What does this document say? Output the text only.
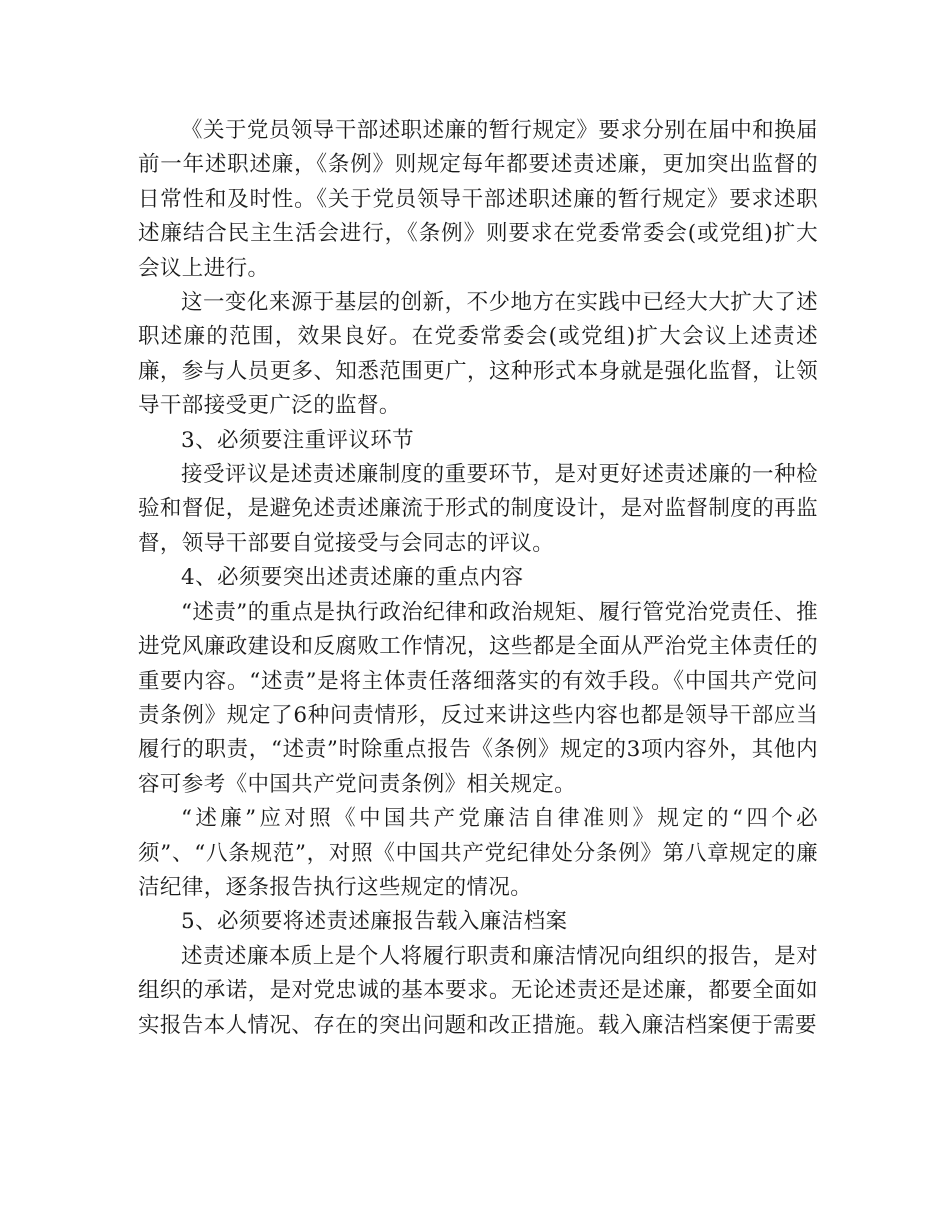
《关于党员领导干部述职述廉的暂行规定》要求分别在届中和换届前一年述职述廉，《条例》则规定每年都要述责述廉，更加突出监督的日常性和及时性。《关于党员领导干部述职述廉的暂行规定》要求述职述廉结合民主生活会进行，《条例》则要求在党委常委会(或党组)扩大会议上进行。

这一变化来源于基层的创新，不少地方在实践中已经大大扩大了述职述廉的范围，效果良好。在党委常委会(或党组)扩大会议上述责述廉，参与人员更多、知悉范围更广，这种形式本身就是强化监督，让领导干部接受更广泛的监督。

3、必须要注重评议环节

接受评议是述责述廉制度的重要环节，是对更好述责述廉的一种检验和督促，是避免述责述廉流于形式的制度设计，是对监督制度的再监督，领导干部要自觉接受与会同志的评议。

4、必须要突出述责述廉的重点内容

“述责”的重点是执行政治纪律和政治规矩、履行管党治党责任、推进党风廉政建设和反腐败工作情况，这些都是全面从严治党主体责任的重要内容。“述责”是将主体责任落细落实的有效手段。《中国共产党问责条例》规定了6种问责情形，反过来讲这些内容也都是领导干部应当履行的职责，“述责”时除重点报告《条例》规定的3项内容外，其他内容可参考《中国共产党问责条例》相关规定。

“述廉”应对照《中国共产党廉洁自律准则》规定的“四个必须”、“八条规范”，对照《中国共产党纪律处分条例》第八章规定的廉洁纪律，逐条报告执行这些规定的情况。

5、必须要将述责述廉报告载入廉洁档案

述责述廉本质上是个人将履行职责和廉洁情况向组织的报告，是对组织的承诺，是对党忠诚的基本要求。无论述责还是述廉，都要全面如实报告本人情况、存在的突出问题和改正措施。载入廉洁档案便于需要
